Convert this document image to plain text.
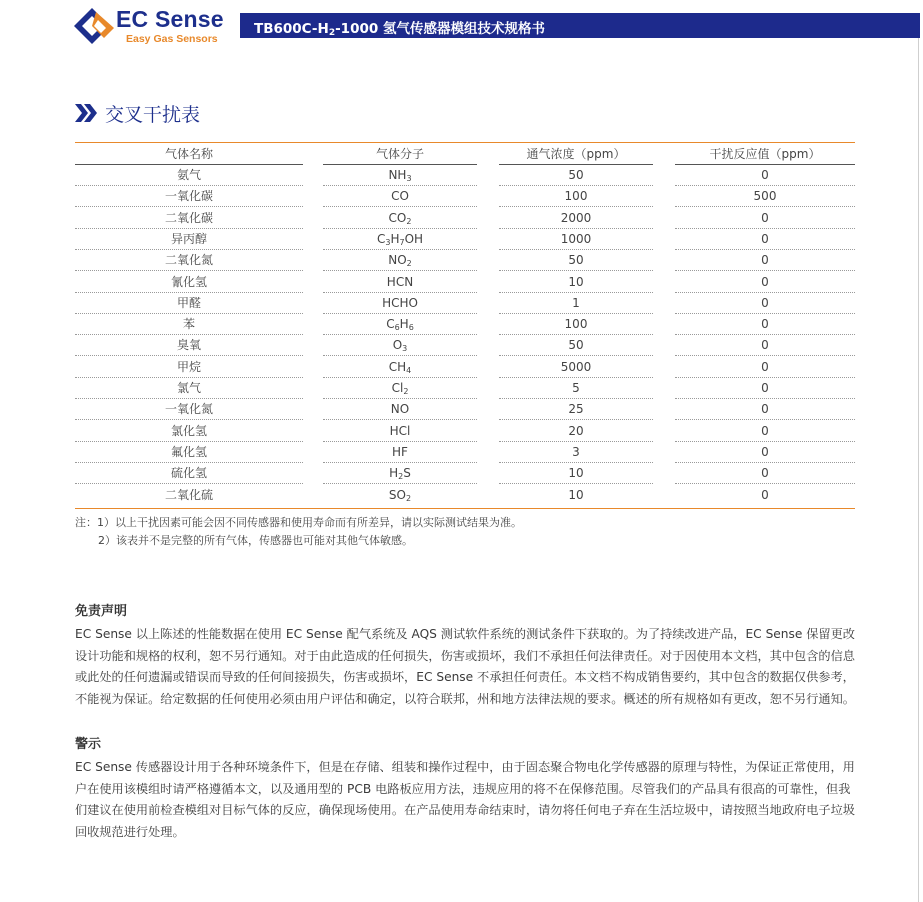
EC Sense
Easy Gas Sensors
$TB600C-H_2-1000$ 氢气传感器模组技术规格书
交叉干扰表
气体名称	气体分子	通气浓度（ppm）	干扰反应值（ppm）
氨气	$NH_3$	50	0
一氧化碳	CO	100	500
二氧化碳	$CO_2$	2000	0
异丙醇	$C_3H_7OH$	1000	0
二氧化氮	$NO_2$	50	0
氰化氢	HCN	10	0
甲醛	HCHO	1	0
苯	$C_6H_6$	100	0
臭氧	$O_3$	50	0
甲烷	$CH_4$	5000	0
氯气	$Cl_2$	5	0
一氧化氮	NO	25	0
氯化氢	HCl	20	0
氟化氢	HF	3	0
硫化氢	$H_2S$	10	0
二氧化硫	$SO_2$	10	0
注：1）以上干扰因素可能会因不同传感器和使用寿命而有所差异，请以实际测试结果为准。
2）该表并不是完整的所有气体，传感器也可能对其他气体敏感。
免责声明
EC Sense 以上陈述的性能数据在使用 EC Sense 配气系统及 AQS 测试软件系统的测试条件下获取的。为了持续改进产品，EC Sense 保留更改设计功能和规格的权利，恕不另行通知。对于由此造成的任何损失，伤害或损坏，我们不承担任何法律责任。对于因使用本文档，其中包含的信息或此处的任何遗漏或错误而导致的任何间接损失，伤害或损坏，EC Sense 不承担任何责任。本文档不构成销售要约，其中包含的数据仅供参考，不能视为保证。给定数据的任何使用必须由用户评估和确定，以符合联邦，州和地方法律法规的要求。概述的所有规格如有更改，恕不另行通知。
警示
EC Sense 传感器设计用于各种环境条件下，但是在存储、组装和操作过程中，由于固态聚合物电化学传感器的原理与特性，为保证正常使用，用户在使用该模组时请严格遵循本文，以及通用型的 PCB 电路板应用方法，违规应用的将不在保修范围。尽管我们的产品具有很高的可靠性，但我们建议在使用前检查模组对目标气体的反应，确保现场使用。在产品使用寿命结束时，请勿将任何电子弃在生活垃圾中，请按照当地政府电子垃圾回收规范进行处理。
